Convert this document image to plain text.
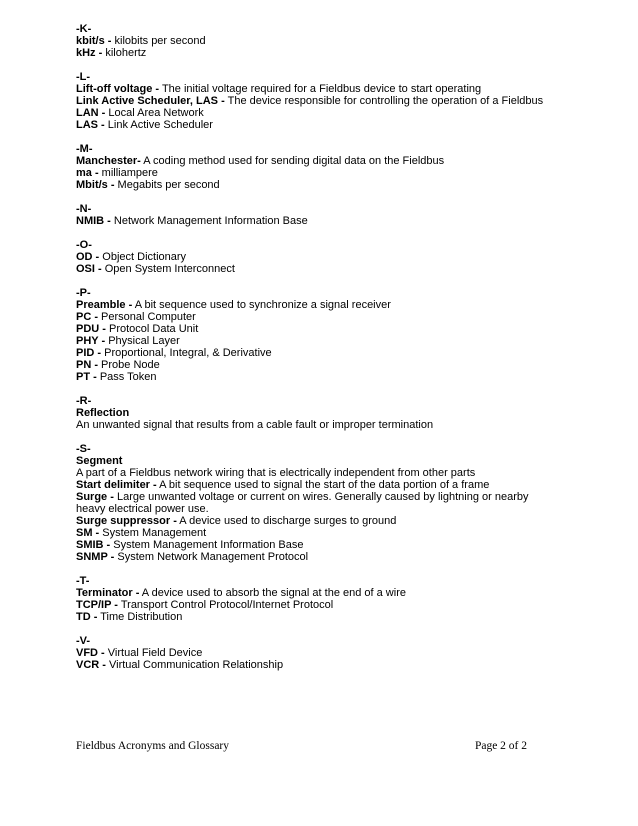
-K-
kbit/s - kilobits per second
kHz - kilohertz
-L-
Lift-off voltage - The initial voltage required for a Fieldbus device to start operating
Link Active Scheduler, LAS - The device responsible for controlling the operation of a Fieldbus
LAN - Local Area Network
LAS - Link Active Scheduler
-M-
Manchester- A coding method used for sending digital data on the Fieldbus
ma - milliampere
Mbit/s - Megabits per second
-N-
NMIB - Network Management Information Base
-O-
OD - Object Dictionary
OSI - Open System Interconnect
-P-
Preamble - A bit sequence used to synchronize a signal receiver
PC - Personal Computer
PDU - Protocol Data Unit
PHY - Physical Layer
PID - Proportional, Integral, & Derivative
PN - Probe Node
PT - Pass Token
-R-
Reflection
An unwanted signal that results from a cable fault or improper termination
-S-
Segment
A part of a Fieldbus network wiring that is electrically independent from other parts
Start delimiter - A bit sequence used to signal the start of the data portion of a frame
Surge - Large unwanted voltage or current on wires. Generally caused by lightning or nearby heavy electrical power use.
Surge suppressor - A device used to discharge surges to ground
SM - System Management
SMIB - System Management Information Base
SNMP - System Network Management Protocol
-T-
Terminator - A device used to absorb the signal at the end of a wire
TCP/IP - Transport Control Protocol/Internet Protocol
TD - Time Distribution
-V-
VFD - Virtual Field Device
VCR - Virtual Communication Relationship
Fieldbus Acronyms and Glossary	Page 2 of 2
